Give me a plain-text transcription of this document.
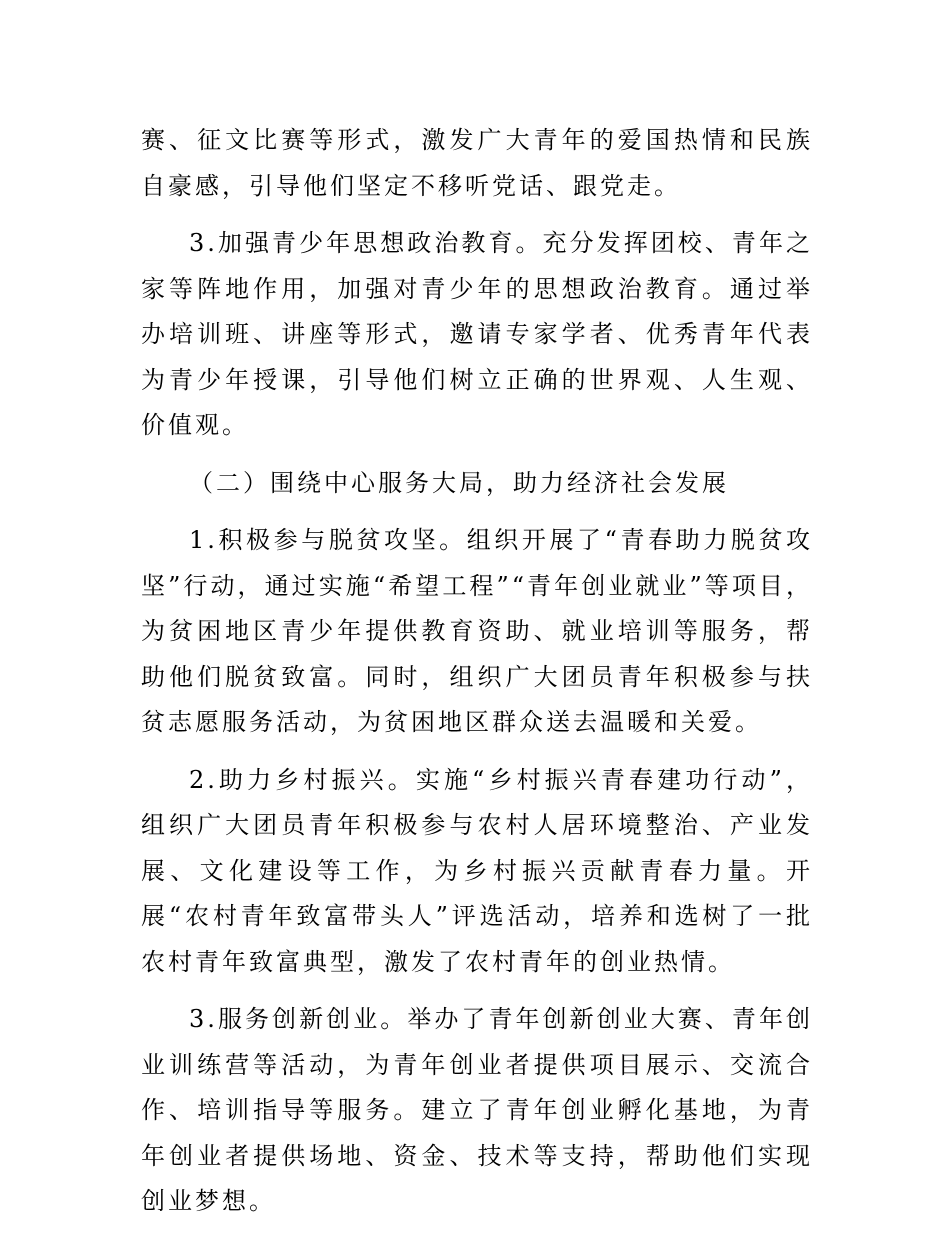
赛、征文比赛等形式，激发广大青年的爱国热情和民族自豪感，引导他们坚定不移听党话、跟党走。

3.加强青少年思想政治教育。充分发挥团校、青年之家等阵地作用，加强对青少年的思想政治教育。通过举办培训班、讲座等形式，邀请专家学者、优秀青年代表为青少年授课，引导他们树立正确的世界观、人生观、价值观。

（二）围绕中心服务大局，助力经济社会发展

1.积极参与脱贫攻坚。组织开展了“青春助力脱贫攻坚”行动，通过实施“希望工程”“青年创业就业”等项目，为贫困地区青少年提供教育资助、就业培训等服务，帮助他们脱贫致富。同时，组织广大团员青年积极参与扶贫志愿服务活动，为贫困地区群众送去温暖和关爱。

2.助力乡村振兴。实施“乡村振兴青春建功行动”，组织广大团员青年积极参与农村人居环境整治、产业发展、文化建设等工作，为乡村振兴贡献青春力量。开展“农村青年致富带头人”评选活动，培养和选树了一批农村青年致富典型，激发了农村青年的创业热情。

3.服务创新创业。举办了青年创新创业大赛、青年创业训练营等活动，为青年创业者提供项目展示、交流合作、培训指导等服务。建立了青年创业孵化基地，为青年创业者提供场地、资金、技术等支持，帮助他们实现创业梦想。
